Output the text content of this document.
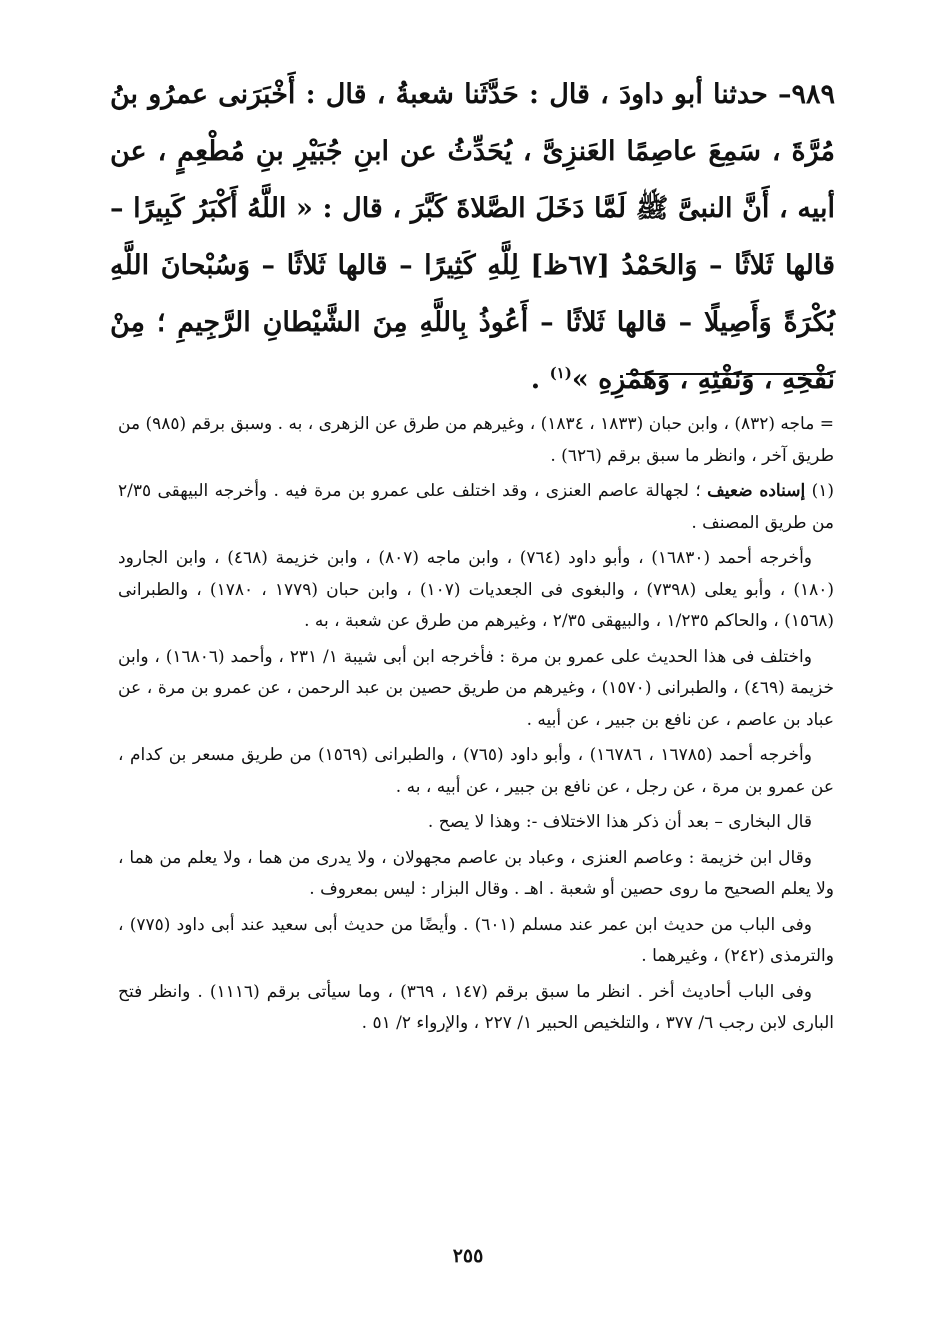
٩٨٩– حدثنا أبو داودَ ، قال : حَدَّثَنا شعبةُ ، قال : أَخْبَرَنى عمرُو بنُ مُرَّةَ ، سَمِعَ عاصِمًا العَنزِىَّ ، يُحَدِّثُ عن ابنِ جُبَيْرِ بنِ مُطْعِمٍ ، عن أبيه ، أَنَّ النبىَّ ﷺ لَمَّا دَخَلَ الصَّلاةَ كَبَّرَ ، قال : « اللَّهُ أَكْبَرُ كَبِيرًا – قالها ثَلاثًا – وَالحَمْدُ [٦٧ظ] لِلَّهِ كَثِيرًا – قالها ثَلاثًا – وَسُبْحانَ اللَّهِ بُكْرَةً وَأَصِيلًا – قالها ثَلاثًا – أَعُوذُ بِاللَّهِ مِنَ الشَّيْطانِ الرَّجِيمِ ؛ مِنْ نَفْخِهِ ، وَنَفْثِهِ ، وَهَمْزِهِ »$^{(١)}$ .

= ماجه (٨٣٢) ، وابن حبان (١٨٣٣ ، ١٨٣٤) ، وغيرهم من طرق عن الزهرى ، به . وسبق برقم (٩٨٥) من طريق آخر ، وانظر ما سبق برقم (٦٢٦) .

(١) إسناده ضعيف ؛ لجهالة عاصم العنزى ، وقد اختلف على عمرو بن مرة فيه . وأخرجه البيهقى ٢/٣٥ من طريق المصنف .

وأخرجه أحمد (١٦٨٣٠) ، وأبو داود (٧٦٤) ، وابن ماجه (٨٠٧) ، وابن خزيمة (٤٦٨) ، وابن الجارود (١٨٠) ، وأبو يعلى (٧٣٩٨) ، والبغوى فى الجعديات (١٠٧) ، وابن حبان (١٧٧٩ ، ١٧٨٠) ، والطبرانى (١٥٦٨) ، والحاكم ١/٢٣٥ ، والبيهقى ٢/٣٥ ، وغيرهم من طرق عن شعبة ، به .

واختلف فى هذا الحديث على عمرو بن مرة : فأخرجه ابن أبى شيبة ١/ ٢٣١ ، وأحمد (١٦٨٠٦) ، وابن خزيمة (٤٦٩) ، والطبرانى (١٥٧٠) ، وغيرهم من طريق حصين بن عبد الرحمن ، عن عمرو بن مرة ، عن عباد بن عاصم ، عن نافع بن جبير ، عن أبيه .

وأخرجه أحمد (١٦٧٨٥ ، ١٦٧٨٦) ، وأبو داود (٧٦٥) ، والطبرانى (١٥٦٩) من طريق مسعر بن كدام ، عن عمرو بن مرة ، عن رجل ، عن نافع بن جبير ، عن أبيه ، به .

قال البخارى – بعد أن ذكر هذا الاختلاف -: وهذا لا يصح .

وقال ابن خزيمة : وعاصم العنزى ، وعباد بن عاصم مجهولان ، ولا يدرى من هما ، ولا يعلم من هما ، ولا يعلم الصحيح ما روى حصين أو شعبة . اهـ . وقال البزار : ليس بمعروف .

وفى الباب من حديث ابن عمر عند مسلم (٦٠١) . وأيضًا من حديث أبى سعيد عند أبى داود (٧٧٥) ، والترمذى (٢٤٢) ، وغيرهما .

وفى الباب أحاديث أخر . انظر ما سبق برقم (١٤٧ ، ٣٦٩) ، وما سيأتى برقم (١١١٦) . وانظر فتح البارى لابن رجب ٦/ ٣٧٧ ، والتلخيص الحبير ١/ ٢٢٧ ، والإرواء ٢/ ٥١ .

٢٥٥
